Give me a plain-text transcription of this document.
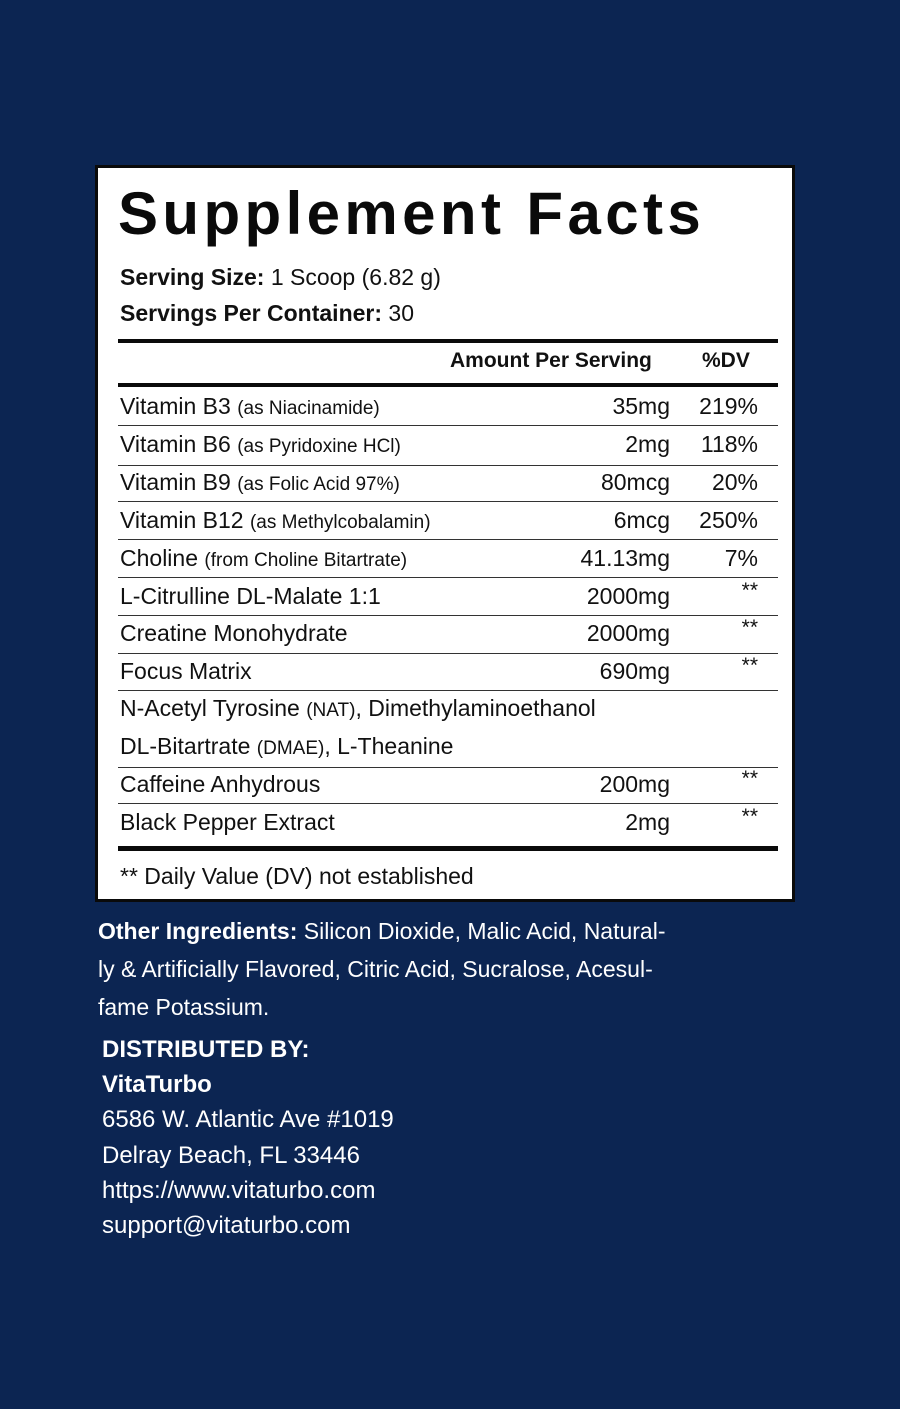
Supplement Facts
Serving Size: 1 Scoop (6.82 g)
Servings Per Container: 30
Amount Per Serving %DV
Vitamin B3 (as Niacinamide)	35mg 219%
Vitamin B6 (as Pyridoxine HCl)	2mg 118%
Vitamin B9 (as Folic Acid 97%)	80mcg 20%
Vitamin B12 (as Methylcobalamin)	6mcg 250%
Choline (from Choline Bitartrate)	41.13mg 7%
L-Citrulline DL-Malate 1:1	2000mg	**
Creatine Monohydrate	2000mg	**
Focus Matrix	690mg	**
N-Acetyl Tyrosine (NAT), Dimethylaminoethanol
DL-Bitartrate (DMAE), L-Theanine
Caffeine Anhydrous	200mg	**
Black Pepper Extract	2mg	**
** Daily Value (DV) not established
Other Ingredients: Silicon Dioxide, Malic Acid, Natural-
ly & Artificially Flavored, Citric Acid, Sucralose, Acesul-
fame Potassium.
DISTRIBUTED BY:
VitaTurbo
6586 W. Atlantic Ave #1019
Delray Beach, FL 33446
https://www.vitaturbo.com
support@vitaturbo.com
